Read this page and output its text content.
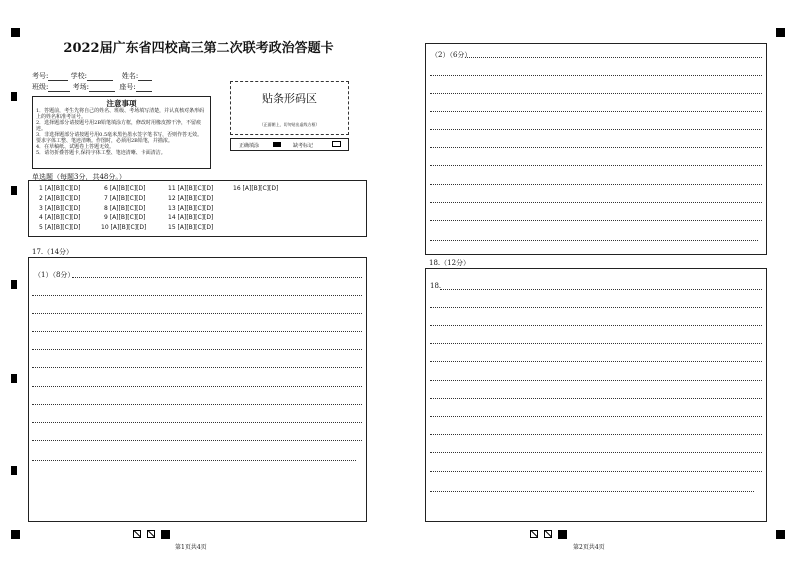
2022届广东省四校高三第二次联考政治答题卡
考号:	学校:	姓名:
班级:	考场:	座号:
注意事项
1．答题前，考生先将自己的姓名、班级、考场填写清楚，并认真核对条形码上的姓名和准考证号。
2．选择题部分请按题号用2B铅笔填涂方框，修改时用橡皮擦干净，不留痕迹。
3．非选择题部分请按题号用0.5毫米黑色墨水签字笔书写，否则作答无效。要求字体工整、笔迹清晰。作图时，必须用2B铅笔，并描浓。
4．在草稿纸、试题卷上答题无效。
5．请勿折叠答题卡,保持字体工整、笔迹清晰、卡面清洁。
贴条形码区
（正面朝上，切勿贴出虚线方框）
正确填涂	缺考标记
单选题（每题3分，共48分。）
1 [A][B][C][D]
2 [A][B][C][D]
3 [A][B][C][D]
4 [A][B][C][D]
5 [A][B][C][D]
6 [A][B][C][D]
7 [A][B][C][D]
8 [A][B][C][D]
9 [A][B][C][D]
10 [A][B][C][D]
11 [A][B][C][D]
12 [A][B][C][D]
13 [A][B][C][D]
14 [A][B][C][D]
15 [A][B][C][D]
16 [A][B][C][D]
17.（14分）
（1）（8分）
第1页共4页
（2）（6分）
18.（12分）
18.
第2页共4页
